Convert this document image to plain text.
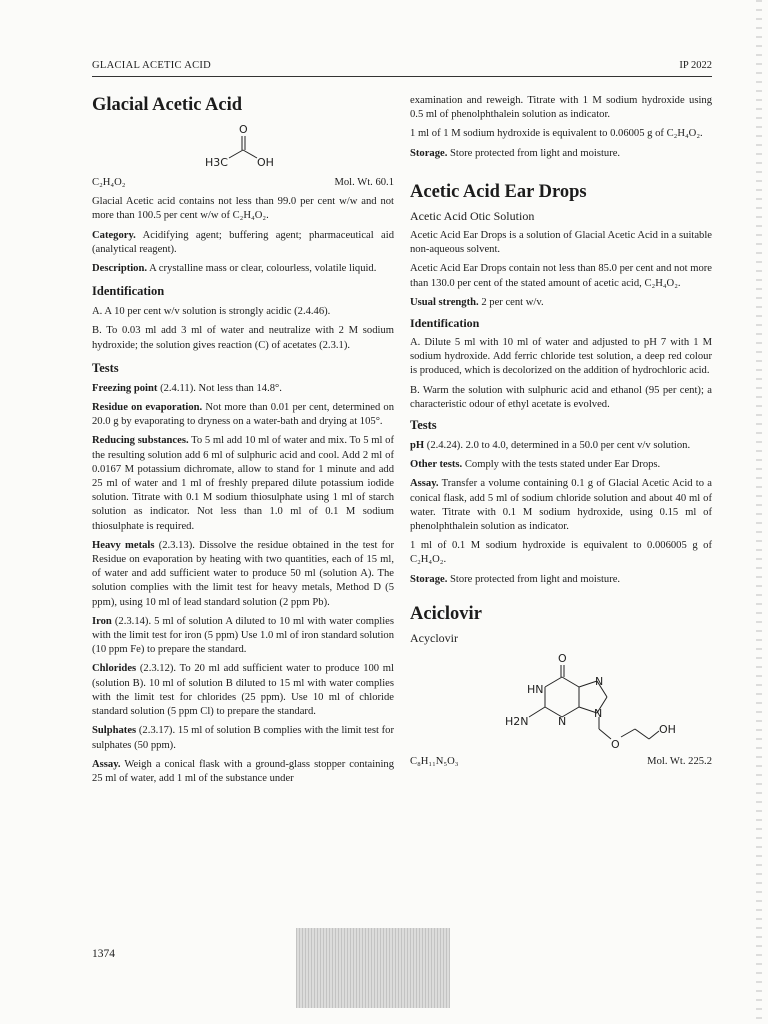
GLACIAL ACETIC ACID	IP 2022
Glacial Acetic Acid
O
H3C	OH
C₂H₄O₂	Mol. Wt. 60.1

Glacial Acetic acid contains not less than 99.0 per cent w/w and not more than 100.5 per cent w/w of C₂H₄O₂.

Category. Acidifying agent; buffering agent; pharmaceutical aid (analytical reagent).

Description. A crystalline mass or clear, colourless, volatile liquid.

Identification

A. A 10 per cent w/v solution is strongly acidic (2.4.46).

B. To 0.03 ml add 3 ml of water and neutralize with 2 M sodium hydroxide; the solution gives reaction (C) of acetates (2.3.1).

Tests

Freezing point (2.4.11). Not less than 14.8°.

Residue on evaporation. Not more than 0.01 per cent, determined on 20.0 g by evaporating to dryness on a water-bath and drying at 105°.

Reducing substances. To 5 ml add 10 ml of water and mix. To 5 ml of the resulting solution add 6 ml of sulphuric acid and cool. Add 2 ml of 0.0167 M potassium dichromate, allow to stand for 1 minute and add 25 ml of water and 1 ml of freshly prepared dilute potassium iodide solution. Titrate with 0.1 M sodium thiosulphate using 1 ml of starch solution as indicator. Not less than 1.0 ml of 0.1 M sodium thiosulphate is required.

Heavy metals (2.3.13). Dissolve the residue obtained in the test for Residue on evaporation by heating with two quantities, each of 15 ml, of water and add sufficient water to produce 50 ml (solution A). The solution complies with the limit test for heavy metals, Method D (5 ppm), using 10 ml of lead standard solution (2 ppm Pb).

Iron (2.3.14). 5 ml of solution A diluted to 10 ml with water complies with the limit test for iron (5 ppm) Use 1.0 ml of iron standard solution (10 ppm Fe) to prepare the standard.

Chlorides (2.3.12). To 20 ml add sufficient water to produce 100 ml (solution B). 10 ml of solution B diluted to 15 ml with water complies with the limit test for chlorides (25 ppm). Use 10 ml of chloride standard solution (5 ppm Cl) to prepare the standard.

Sulphates (2.3.17). 15 ml of solution B complies with the limit test for sulphates (50 ppm).

Assay. Weigh a conical flask with a ground-glass stopper containing 25 ml of water, add 1 ml of the substance under

examination and reweigh. Titrate with 1 M sodium hydroxide using 0.5 ml of phenolphthalein solution as indicator.

1 ml of 1 M sodium hydroxide is equivalent to 0.06005 g of C₂H₄O₂.

Storage. Store protected from light and moisture.

Acetic Acid Ear Drops

Acetic Acid Otic Solution

Acetic Acid Ear Drops is a solution of Glacial Acetic Acid in a suitable non-aqueous solvent.

Acetic Acid Ear Drops contain not less than 85.0 per cent and not more than 130.0 per cent of the stated amount of acetic acid, C₂H₄O₂.

Usual strength. 2 per cent w/v.

Identification

A. Dilute 5 ml with 10 ml of water and adjusted to pH 7 with 1 M sodium hydroxide. Add ferric chloride test solution, a deep red colour is produced, which is decolorized on the addition of hydrochloric acid.

B. Warm the solution with sulphuric acid and ethanol (95 per cent); a characteristic odour of ethyl acetate is evolved.

Tests

pH (2.4.24). 2.0 to 4.0, determined in a 50.0 per cent v/v solution.

Other tests. Comply with the tests stated under Ear Drops.

Assay. Transfer a volume containing 0.1 g of Glacial Acetic Acid to a conical flask, add 5 ml of sodium chloride solution and about 40 ml of water. Titrate with 0.1 M sodium hydroxide, using 0.15 ml of phenolphthalein solution as indicator.

1 ml of 0.1 M sodium hydroxide is equivalent to 0.006005 g of C₂H₄O₂.

Storage. Store protected from light and moisture.

Aciclovir

Acyclovir

O
HN
N
H2N	N
N
O
OH
C₈H₁₁N₅O₃	Mol. Wt. 225.2
1374
